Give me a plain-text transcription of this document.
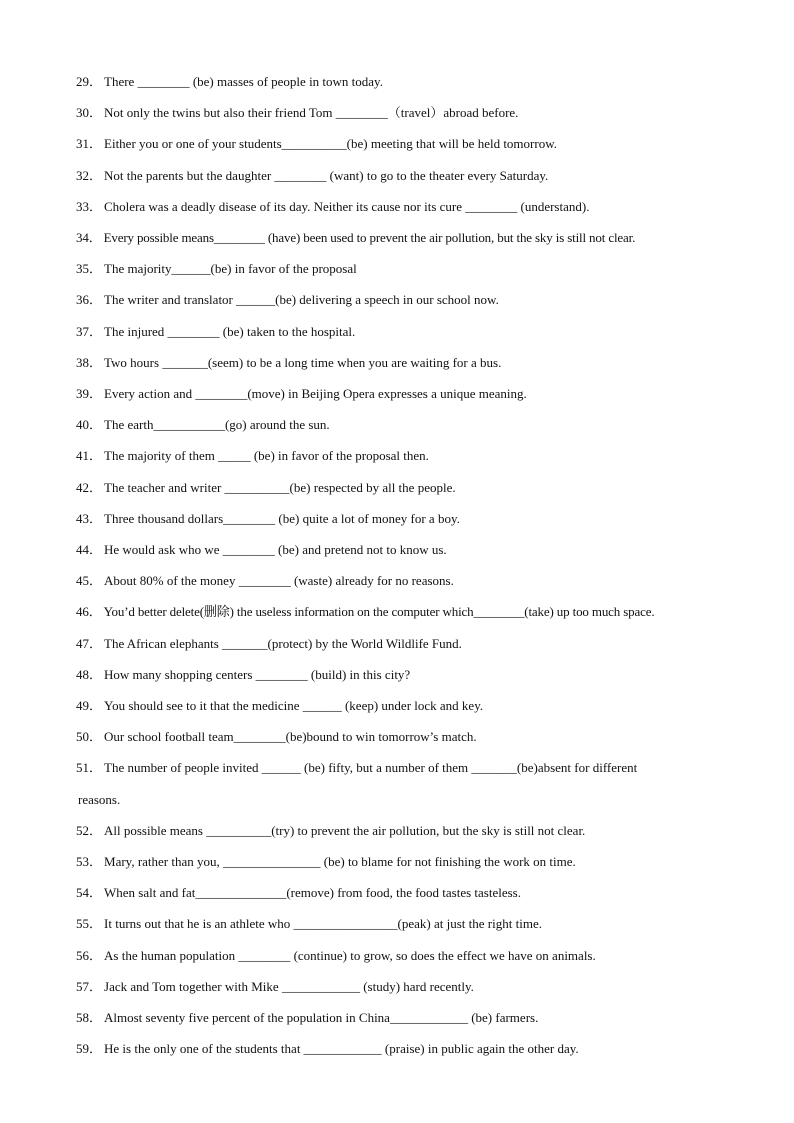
29． There ________ (be) masses of people in town today.
30． Not only the twins but also their friend Tom ________（travel）abroad before.
31． Either you or one of your students__________(be) meeting that will be held tomorrow.
32． Not the parents but the daughter ________ (want) to go to the theater every Saturday.
33． Cholera was a deadly disease of its day. Neither its cause nor its cure ________ (understand).
34． Every possible means________ (have) been used to prevent the air pollution, but the sky is still not clear.
35． The majority______(be) in favor of the proposal
36． The writer and translator ______(be) delivering a speech in our school now.
37． The injured ________ (be) taken to the hospital.
38． Two hours _______(seem) to be a long time when you are waiting for a bus.
39． Every action and ________(move) in Beijing Opera expresses a unique meaning.
40． The earth___________(go) around the sun.
41． The majority of them _____ (be) in favor of the proposal then.
42． The teacher and writer __________(be) respected by all the people.
43． Three thousand dollars________ (be) quite a lot of money for a boy.
44． He would ask who we ________ (be) and pretend not to know us.
45． About 80% of the money ________ (waste) already for no reasons.
46． You’d better delete(删除) the useless information on the computer which________(take) up too much space.
47． The African elephants _______(protect) by the World Wildlife Fund.
48． How many shopping centers ________ (build) in this city?
49． You should see to it that the medicine ______ (keep) under lock and key.
50． Our school football team________(be)bound to win tomorrow’s match.
51． The number of people invited ______ (be) fifty, but a number of them _______(be)absent for different
reasons.
52． All possible means __________(try) to prevent the air pollution, but the sky is still not clear.
53． Mary, rather than you, _______________ (be) to blame for not finishing the work on time.
54． When salt and fat______________(remove) from food, the food tastes tasteless.
55． It turns out that he is an athlete who ________________(peak) at just the right time.
56． As the human population ________ (continue) to grow, so does the effect we have on animals.
57． Jack and Tom together with Mike ____________ (study) hard recently.
58． Almost seventy five percent of the population in China____________ (be) farmers.
59． He is the only one of the students that ____________ (praise) in public again the other day.
